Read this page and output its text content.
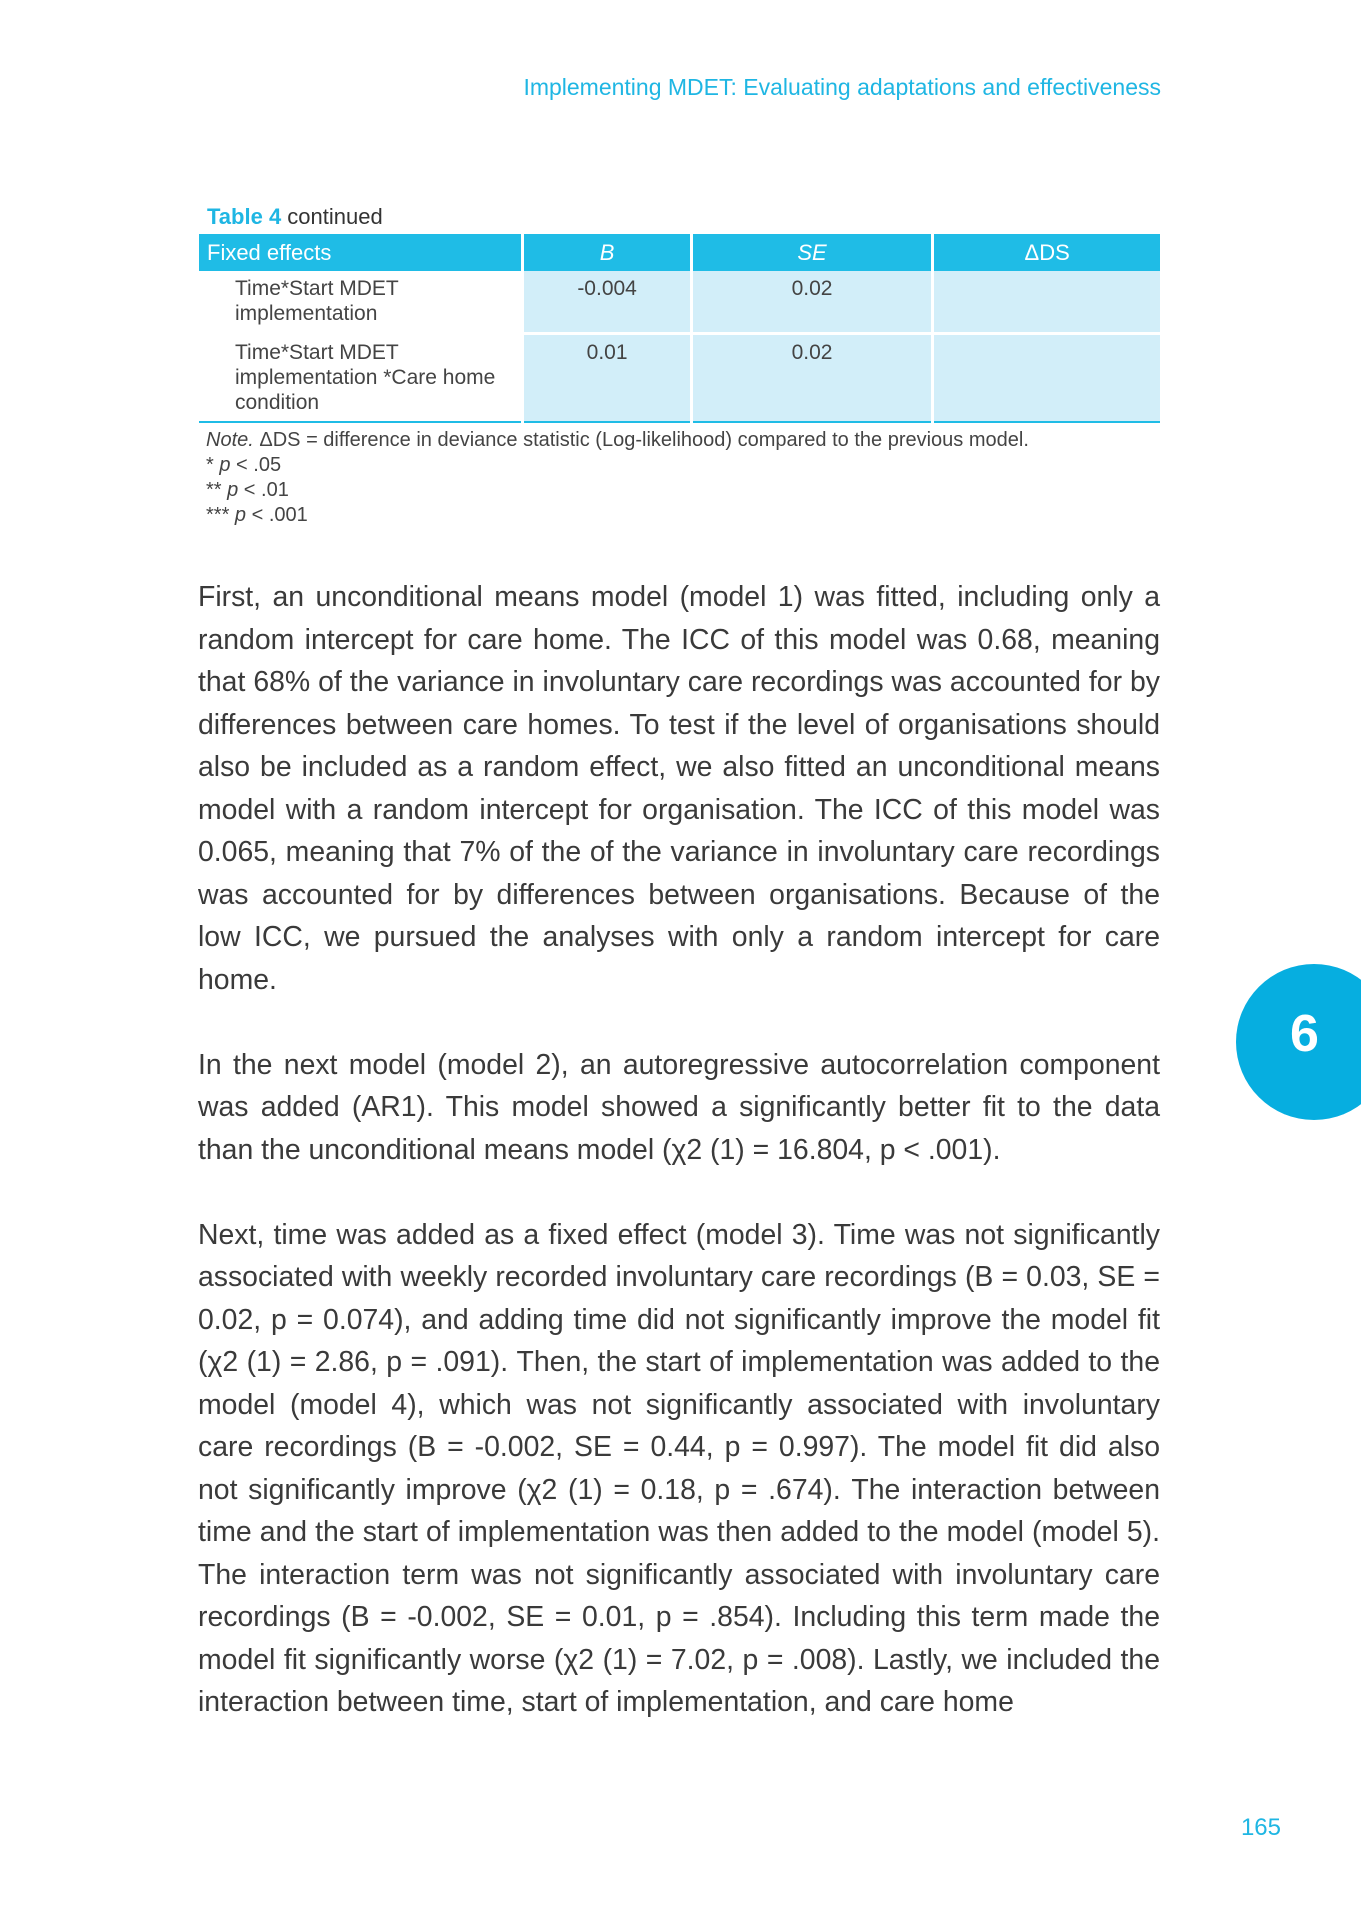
Implementing MDET: Evaluating adaptations and effectiveness
Table 4 continued
Fixed effects	B	SE	ΔDS
Time*Start MDET implementation	-0.004	0.02	
Time*Start MDET implementation *Care home condition	0.01	0.02	
Note. ΔDS = difference in deviance statistic (Log-likelihood) compared to the previous model.
* p < .05
** p < .01
*** p < .001

First, an unconditional means model (model 1) was fitted, including only a random intercept for care home. The ICC of this model was 0.68, meaning that 68% of the variance in involuntary care recordings was accounted for by differences between care homes. To test if the level of organisations should also be included as a random effect, we also fitted an unconditional means model with a random intercept for organisation. The ICC of this model was 0.065, meaning that 7% of the of the variance in involuntary care recordings was accounted for by differences between organisations. Because of the low ICC, we pursued the analyses with only a random intercept for care home.

In the next model (model 2), an autoregressive autocorrelation component was added (AR1). This model showed a significantly better fit to the data than the unconditional means model (χ2 (1) = 16.804, p < .001).

Next, time was added as a fixed effect (model 3). Time was not significantly associated with weekly recorded involuntary care recordings (B = 0.03, SE = 0.02, p = 0.074), and adding time did not significantly improve the model fit (χ2 (1) = 2.86, p = .091). Then, the start of implementation was added to the model (model 4), which was not significantly associated with involuntary care recordings (B = -0.002, SE = 0.44, p = 0.997). The model fit did also not significantly improve (χ2 (1) = 0.18, p = .674). The interaction between time and the start of implementation was then added to the model (model 5). The interaction term was not significantly associated with involuntary care recordings (B = -0.002, SE = 0.01, p = .854). Including this term made the model fit significantly worse (χ2 (1) = 7.02, p = .008). Lastly, we included the interaction between time, start of implementation, and care home

6
165
